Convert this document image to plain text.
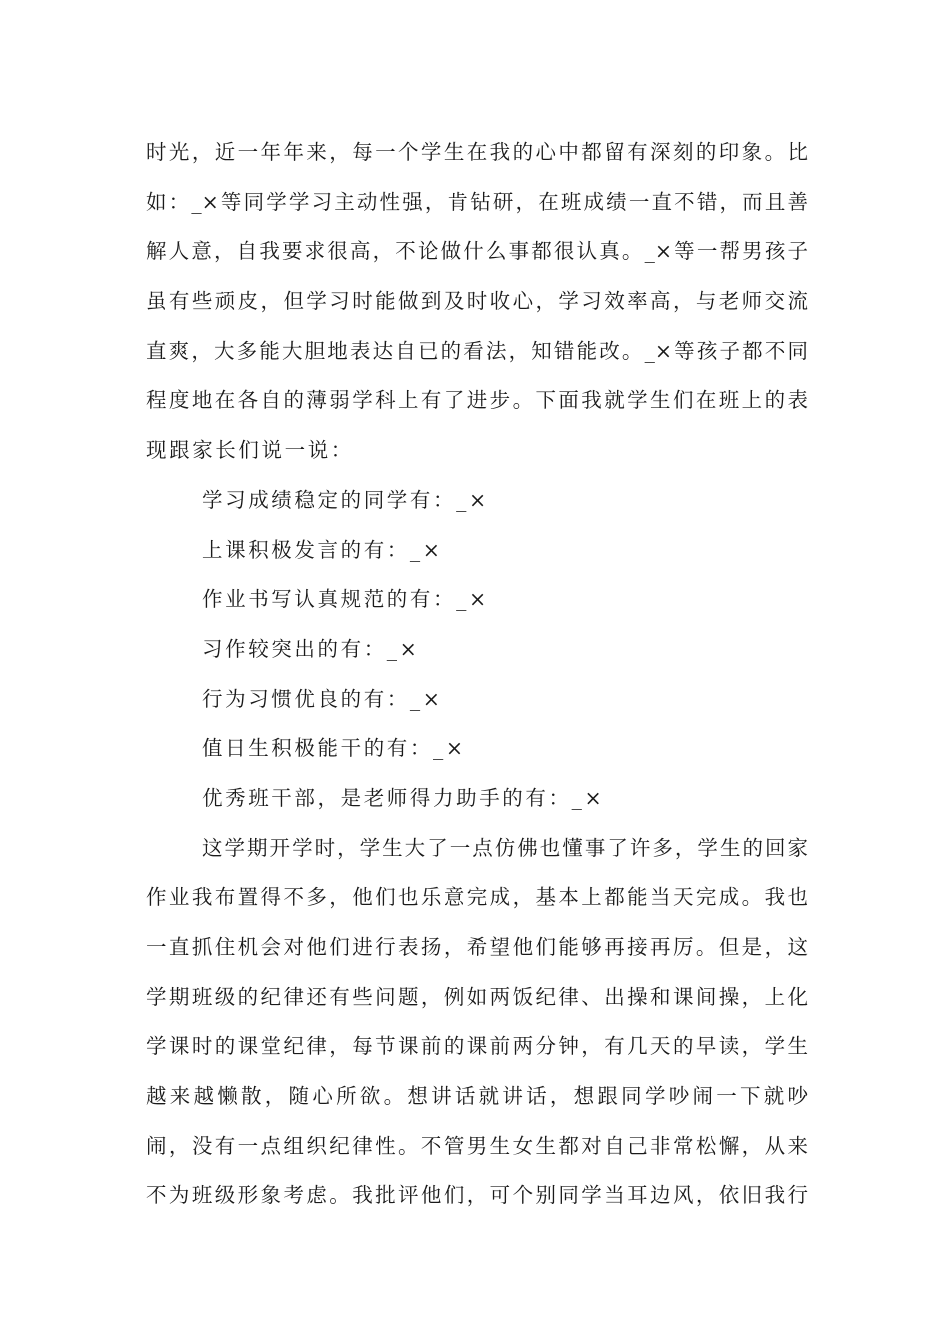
时光，近一年年来，每一个学生在我的心中都留有深刻的印象。比
如：_×等同学学习主动性强，肯钻研，在班成绩一直不错，而且善
解人意，自我要求很高，不论做什么事都很认真。_×等一帮男孩子
虽有些顽皮，但学习时能做到及时收心，学习效率高，与老师交流
直爽，大多能大胆地表达自已的看法，知错能改。_×等孩子都不同
程度地在各自的薄弱学科上有了进步。下面我就学生们在班上的表
现跟家长们说一说：
学习成绩稳定的同学有：_×
上课积极发言的有：_×
作业书写认真规范的有：_×
习作较突出的有：_×
行为习惯优良的有：_×
值日生积极能干的有：_×
优秀班干部，是老师得力助手的有：_×
这学期开学时，学生大了一点仿佛也懂事了许多，学生的回家
作业我布置得不多，他们也乐意完成，基本上都能当天完成。我也
一直抓住机会对他们进行表扬，希望他们能够再接再厉。但是，这
学期班级的纪律还有些问题，例如两饭纪律、出操和课间操，上化
学课时的课堂纪律，每节课前的课前两分钟，有几天的早读，学生
越来越懒散，随心所欲。想讲话就讲话，想跟同学吵闹一下就吵
闹，没有一点组织纪律性。不管男生女生都对自己非常松懈，从来
不为班级形象考虑。我批评他们，可个别同学当耳边风，依旧我行
